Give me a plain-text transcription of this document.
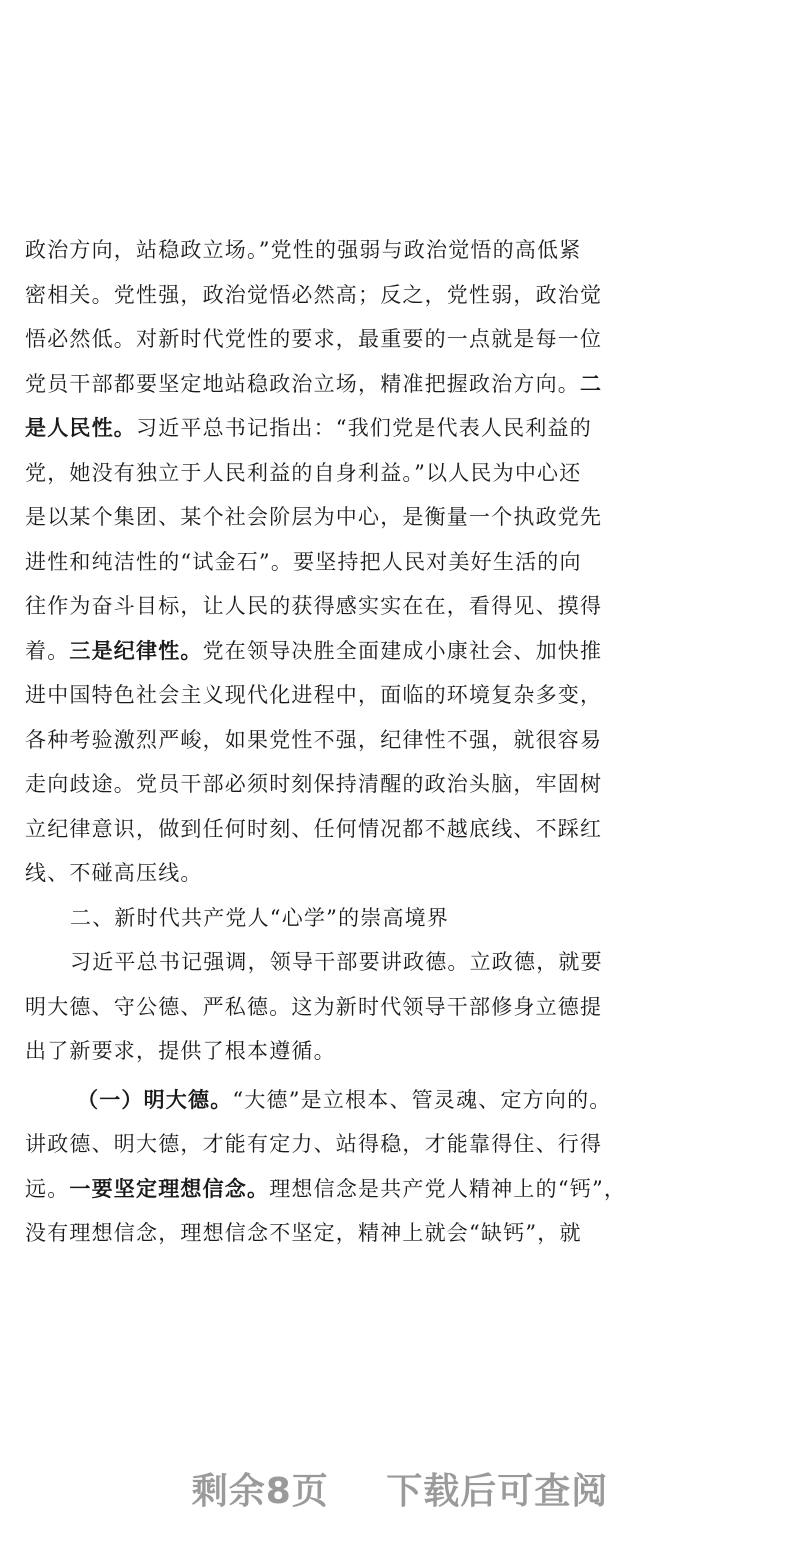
政治方向，站稳政立场。”党性的强弱与政治觉悟的高低紧
密相关。党性强，政治觉悟必然高；反之，党性弱，政治觉
悟必然低。对新时代党性的要求，最重要的一点就是每一位
党员干部都要坚定地站稳政治立场，精准把握政治方向。二
是人民性。习近平总书记指出：“我们党是代表人民利益的
党，她没有独立于人民利益的自身利益。”以人民为中心还
是以某个集团、某个社会阶层为中心，是衡量一个执政党先
进性和纯洁性的“试金石”。要坚持把人民对美好生活的向
往作为奋斗目标，让人民的获得感实实在在，看得见、摸得
着。三是纪律性。党在领导决胜全面建成小康社会、加快推
进中国特色社会主义现代化进程中，面临的环境复杂多变，
各种考验激烈严峻，如果党性不强，纪律性不强，就很容易
走向歧途。党员干部必须时刻保持清醒的政治头脑，牢固树
立纪律意识，做到任何时刻、任何情况都不越底线、不踩红
线、不碰高压线。
二、新时代共产党人“心学”的崇高境界
习近平总书记强调，领导干部要讲政德。立政德，就要
明大德、守公德、严私德。这为新时代领导干部修身立德提
出了新要求，提供了根本遵循。
（一）明大德。“大德”是立根本、管灵魂、定方向的。
讲政德、明大德，才能有定力、站得稳，才能靠得住、行得
远。一要坚定理想信念。理想信念是共产党人精神上的“钙”，
没有理想信念，理想信念不坚定，精神上就会“缺钙”，就
剩余8页 下载后可查阅
